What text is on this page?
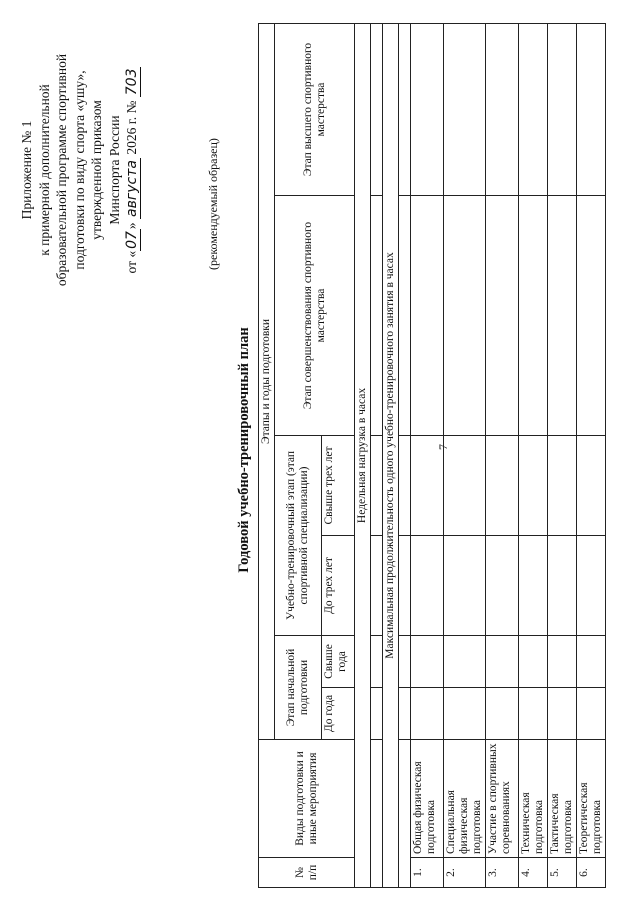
7
Приложение № 1 к примерной дополнительной образовательной программе спортивной подготовки по виду спорта «ушу», утвержденной приказом Минспорта России
от «07» августа 2026 г. № 703
(рекомендуемый образец)
Годовой учебно-тренировочный план
№ п/п	Виды подготовки и иные мероприятия	Этапы и годы подготовки					
		Этап начальной подготовки		Учебно-тренировочный этап (этап спортивной специализации)		Этап совершенствования спортивного мастерства	Этап высшего спортивного мастерства
		До года	Свыше года	До трех лет	Свыше трех лет		
Недельная нагрузка в часах							

Максимальная продолжительность одного учебно-тренировочного занятия в часах							

1.	Общая физическая подготовка						
2.	Специальная физическая подготовка						
3.	Участие в спортивных соревнованиях						
4.	Техническая подготовка						
5.	Тактическая подготовка						
6.	Теоретическая подготовка						
